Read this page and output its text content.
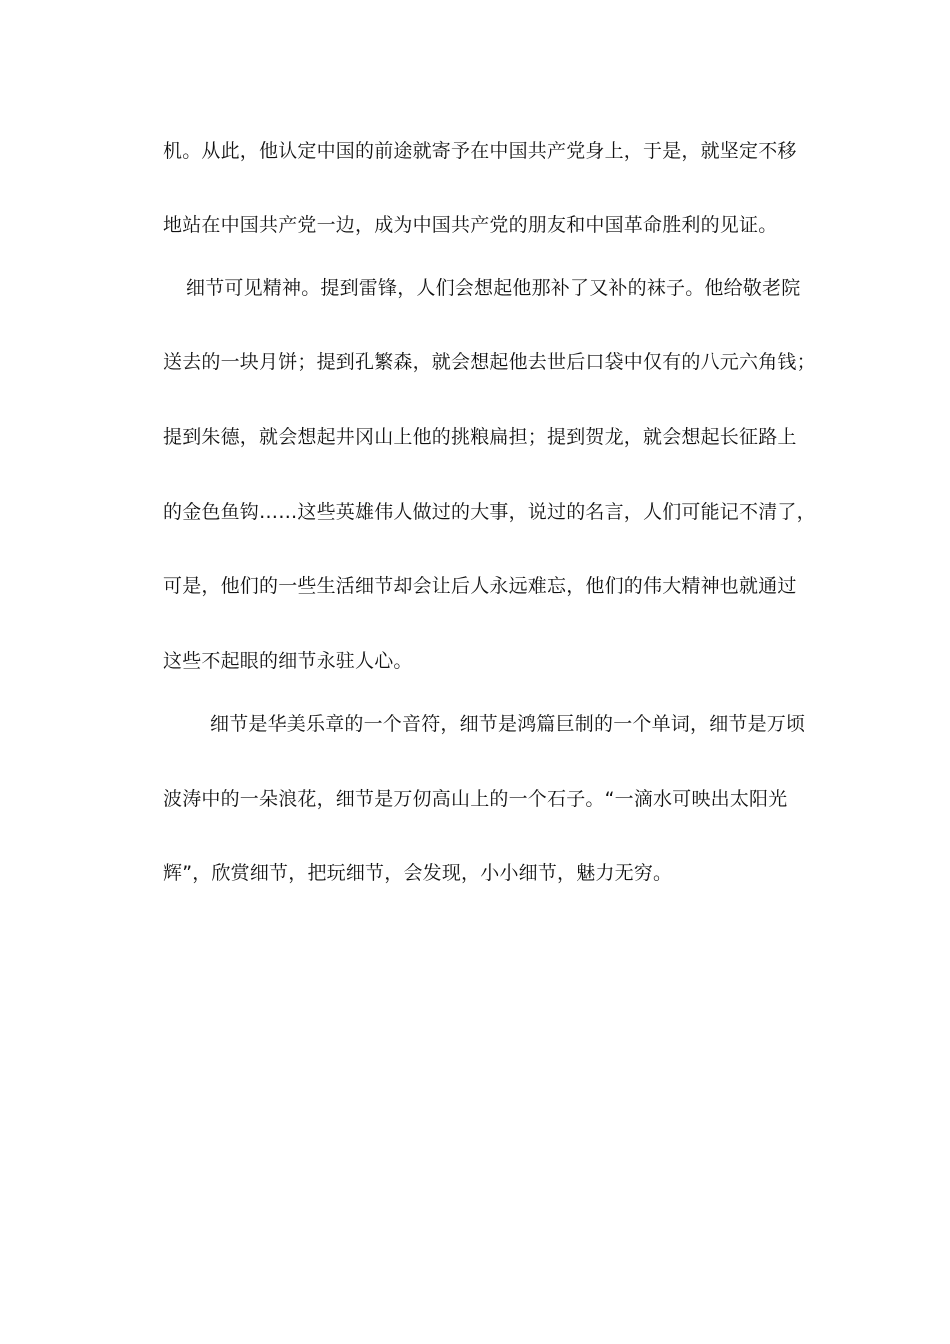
机。从此，他认定中国的前途就寄予在中国共产党身上，于是，就坚定不移
地站在中国共产党一边，成为中国共产党的朋友和中国革命胜利的见证。
细节可见精神。提到雷锋，人们会想起他那补了又补的袜子。他给敬老院
送去的一块月饼；提到孔繁森，就会想起他去世后口袋中仅有的八元六角钱；
提到朱德，就会想起井冈山上他的挑粮扁担；提到贺龙，就会想起长征路上
的金色鱼钩……这些英雄伟人做过的大事，说过的名言，人们可能记不清了，
可是，他们的一些生活细节却会让后人永远难忘，他们的伟大精神也就通过
这些不起眼的细节永驻人心。
细节是华美乐章的一个音符，细节是鸿篇巨制的一个单词，细节是万顷
波涛中的一朵浪花，细节是万仞高山上的一个石子。“一滴水可映出太阳光
辉”，欣赏细节，把玩细节，会发现，小小细节，魅力无穷。
